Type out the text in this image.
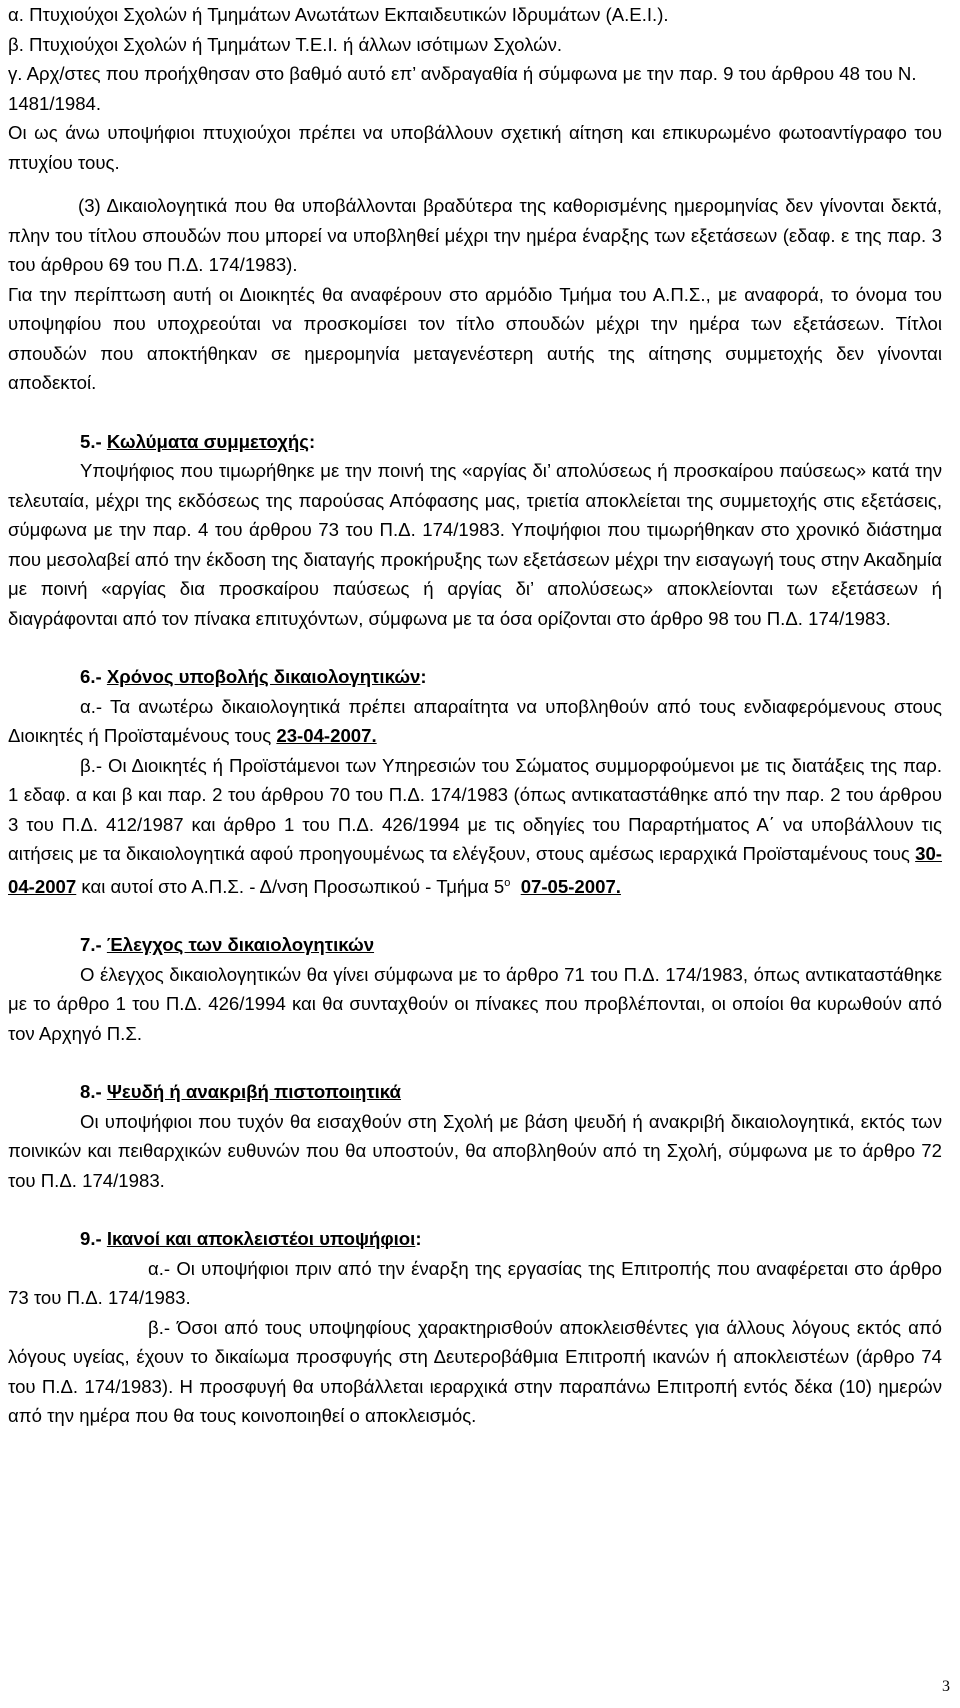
α. Πτυχιούχοι Σχολών ή Τμημάτων Ανωτάτων Εκπαιδευτικών Ιδρυμάτων (Α.Ε.Ι.).

β. Πτυχιούχοι Σχολών ή Τμημάτων Τ.Ε.Ι. ή άλλων ισότιμων Σχολών.

γ. Αρχ/στες που προήχθησαν στο βαθμό αυτό επ’ ανδραγαθία ή σύμφωνα με την παρ. 9 του άρθρου 48 του Ν. 1481/1984.

Οι ως άνω υποψήφιοι πτυχιούχοι πρέπει να υποβάλλουν σχετική αίτηση και επικυρωμένο φωτοαντίγραφο του πτυχίου τους.

(3) Δικαιολογητικά που θα υποβάλλονται βραδύτερα της καθορισμένης ημερομηνίας δεν γίνονται δεκτά, πλην του τίτλου σπουδών που μπορεί να υποβληθεί μέχρι την ημέρα έναρξης των εξετάσεων (εδαφ. ε της παρ. 3 του άρθρου 69 του Π.Δ. 174/1983).

Για την περίπτωση αυτή οι Διοικητές θα αναφέρουν στο αρμόδιο Τμήμα του Α.Π.Σ., με αναφορά, το όνομα του υποψηφίου που υποχρεούται να προσκομίσει τον τίτλο σπουδών μέχρι την ημέρα των εξετάσεων. Τίτλοι σπουδών που αποκτήθηκαν σε ημερομηνία μεταγενέστερη αυτής της αίτησης συμμετοχής δεν γίνονται αποδεκτοί.

5.- Κωλύματα συμμετοχής:

Υποψήφιος που τιμωρήθηκε με την ποινή της «αργίας δι’ απολύσεως ή προσκαίρου παύσεως» κατά την τελευταία, μέχρι της εκδόσεως της παρούσας Απόφασης μας, τριετία αποκλείεται της συμμετοχής στις εξετάσεις, σύμφωνα με την παρ. 4 του άρθρου 73 του Π.Δ. 174/1983. Υποψήφιοι που τιμωρήθηκαν στο χρονικό διάστημα που μεσολαβεί από την έκδοση της διαταγής προκήρυξης των εξετάσεων μέχρι την εισαγωγή τους στην Ακαδημία με ποινή «αργίας δια προσκαίρου παύσεως ή αργίας δι’ απολύσεως» αποκλείονται των εξετάσεων ή διαγράφονται από τον πίνακα επιτυχόντων, σύμφωνα με τα όσα ορίζονται στο άρθρο 98 του Π.Δ. 174/1983.

6.- Χρόνος υποβολής δικαιολογητικών:

α.- Τα ανωτέρω δικαιολογητικά πρέπει απαραίτητα να υποβληθούν από τους ενδιαφερόμενους στους Διοικητές ή Προϊσταμένους τους 23-04-2007.

β.- Οι Διοικητές ή Προϊστάμενοι των Υπηρεσιών του Σώματος συμμορφούμενοι με τις διατάξεις της παρ. 1 εδαφ. α και β και παρ. 2 του άρθρου 70 του Π.Δ. 174/1983 (όπως αντικαταστάθηκε από την παρ. 2 του άρθρου 3 του Π.Δ. 412/1987 και άρθρο 1 του Π.Δ. 426/1994 με τις οδηγίες του Παραρτήματος Α΄ να υποβάλλουν τις αιτήσεις με τα δικαιολογητικά αφού προηγουμένως τα ελέγξουν, στους αμέσως ιεραρχικά Προϊσταμένους τους 30-04-2007 και αυτοί στο Α.Π.Σ. - Δ/νση Προσωπικού - Τμήμα $5^o$ 07-05-2007.

7.- Έλεγχος των δικαιολογητικών

Ο έλεγχος δικαιολογητικών θα γίνει σύμφωνα με το άρθρο 71 του Π.Δ. 174/1983, όπως αντικαταστάθηκε με το άρθρο 1 του Π.Δ. 426/1994 και θα συνταχθούν οι πίνακες που προβλέπονται, οι οποίοι θα κυρωθούν από τον Αρχηγό Π.Σ.

8.- Ψευδή ή ανακριβή πιστοποιητικά

Οι υποψήφιοι που τυχόν θα εισαχθούν στη Σχολή με βάση ψευδή ή ανακριβή δικαιολογητικά, εκτός των ποινικών και πειθαρχικών ευθυνών που θα υποστούν, θα αποβληθούν από τη Σχολή, σύμφωνα με το άρθρο 72 του Π.Δ. 174/1983.

9.- Ικανοί και αποκλειστέοι υποψήφιοι:

α.- Οι υποψήφιοι πριν από την έναρξη της εργασίας της Επιτροπής που αναφέρεται στο άρθρο 73 του Π.Δ. 174/1983.

β.- Όσοι από τους υποψηφίους χαρακτηρισθούν αποκλεισθέντες για άλλους λόγους εκτός από λόγους υγείας, έχουν το δικαίωμα προσφυγής στη Δευτεροβάθμια Επιτροπή ικανών ή αποκλειστέων (άρθρο 74 του Π.Δ. 174/1983). Η προσφυγή θα υποβάλλεται ιεραρχικά στην παραπάνω Επιτροπή εντός δέκα (10) ημερών από την ημέρα που θα τους κοινοποιηθεί ο αποκλεισμός.

3
